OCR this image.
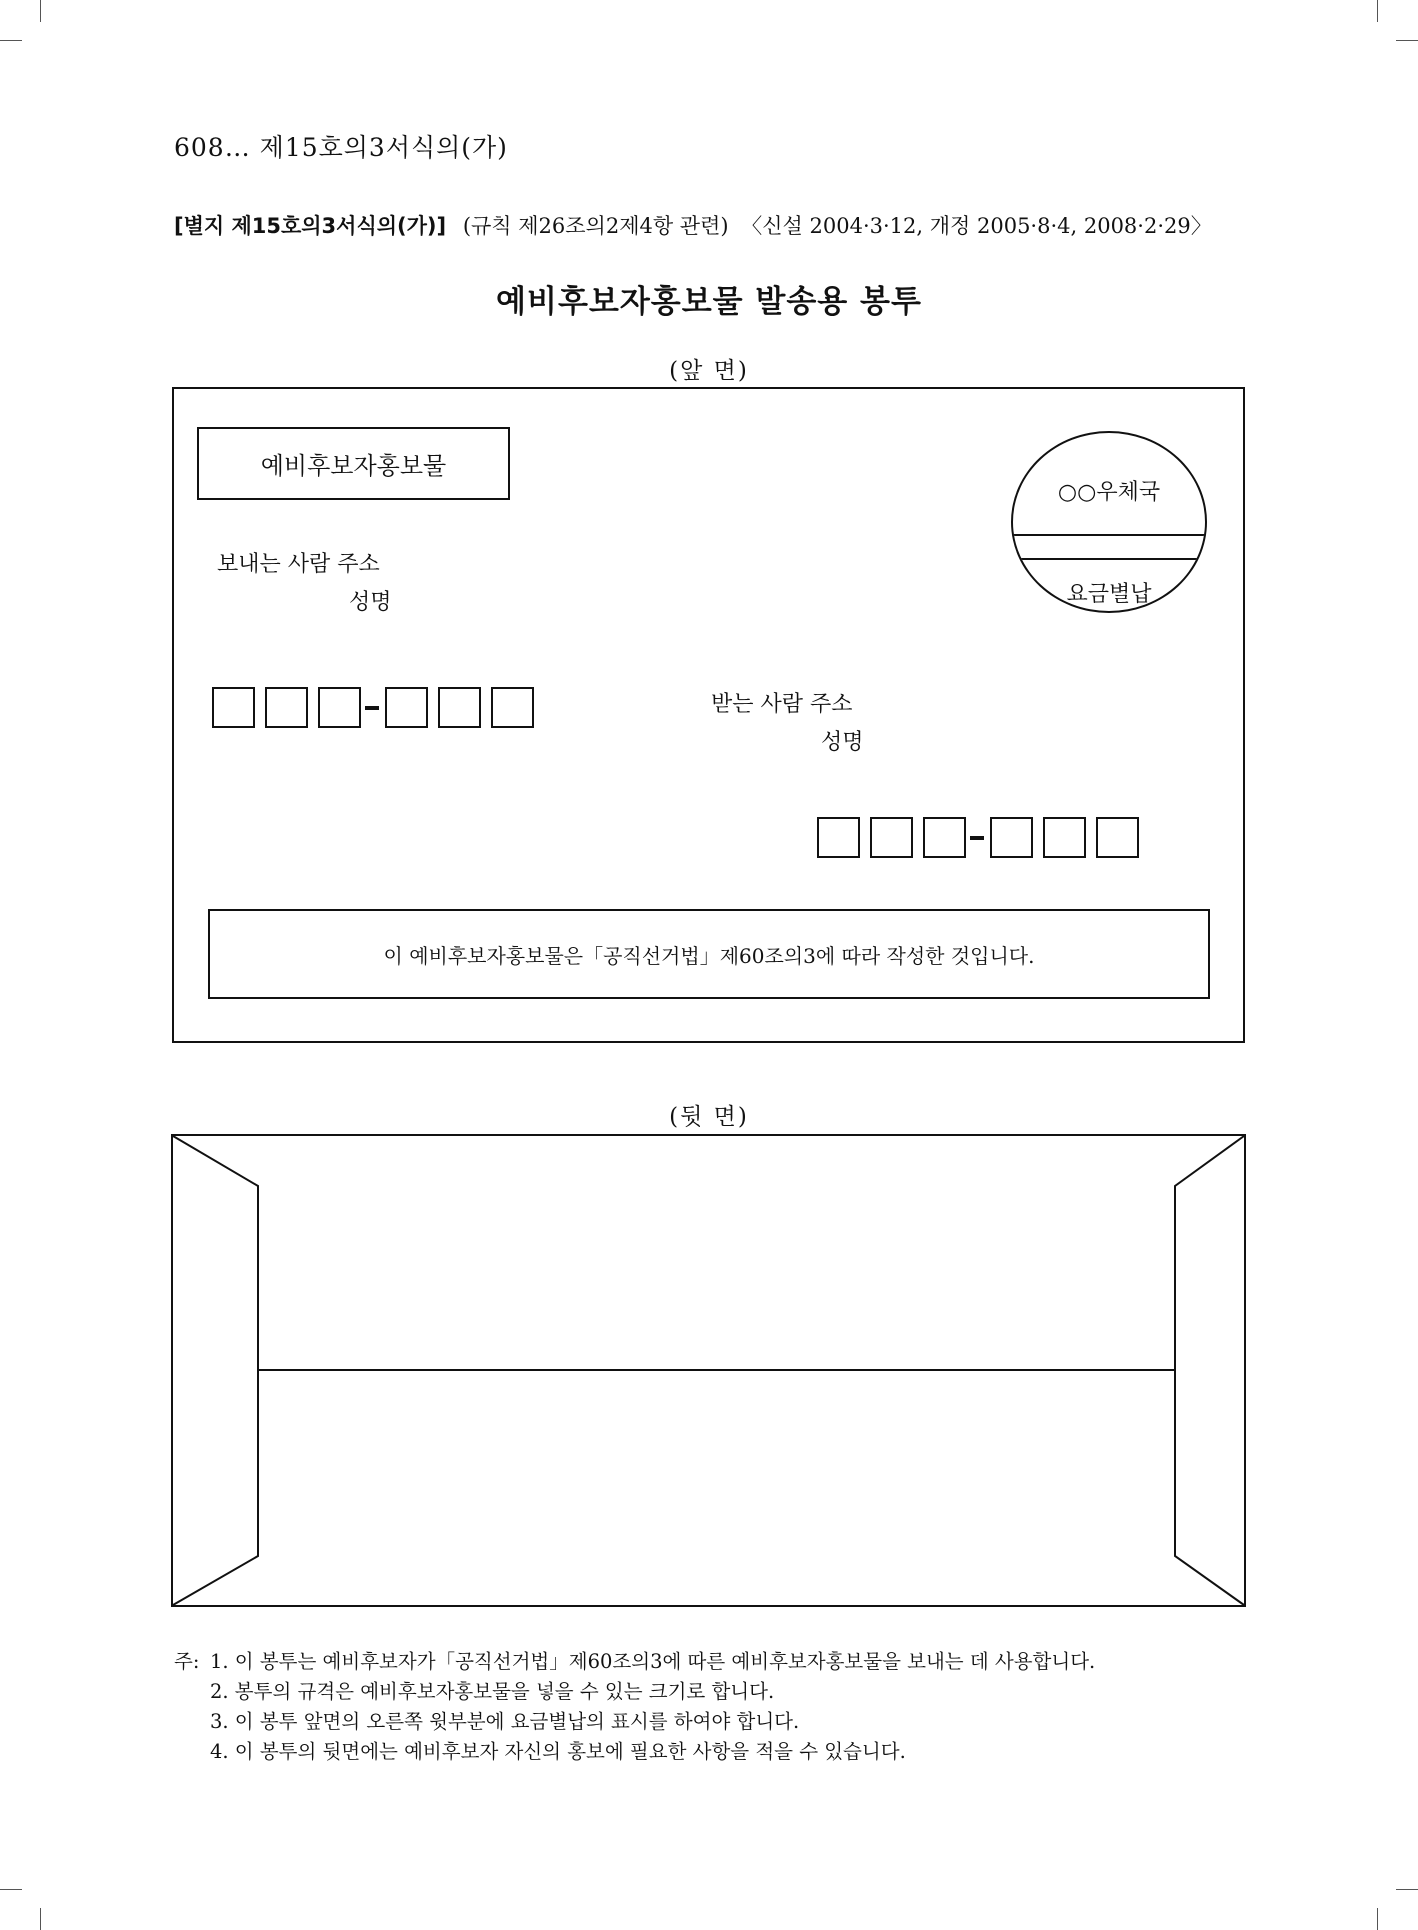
608… 제15호의3서식의(가)
[별지 제15호의3서식의(가)] (규칙 제26조의2제4항 관련) 〈신설 2004·3·12, 개정 2005·8·4, 2008·2·29〉
예비후보자홍보물 발송용 봉투
(앞 면)
예비후보자홍보물
보내는 사람 주소
성명
○○우체국
요금별납
받는 사람 주소
성명
이 예비후보자홍보물은「공직선거법」제60조의3에 따라 작성한 것입니다.
(뒷 면)
주: 1. 이 봉투는 예비후보자가「공직선거법」제60조의3에 따른 예비후보자홍보물을 보내는 데 사용합니다.
2. 봉투의 규격은 예비후보자홍보물을 넣을 수 있는 크기로 합니다.
3. 이 봉투 앞면의 오른쪽 윗부분에 요금별납의 표시를 하여야 합니다.
4. 이 봉투의 뒷면에는 예비후보자 자신의 홍보에 필요한 사항을 적을 수 있습니다.
